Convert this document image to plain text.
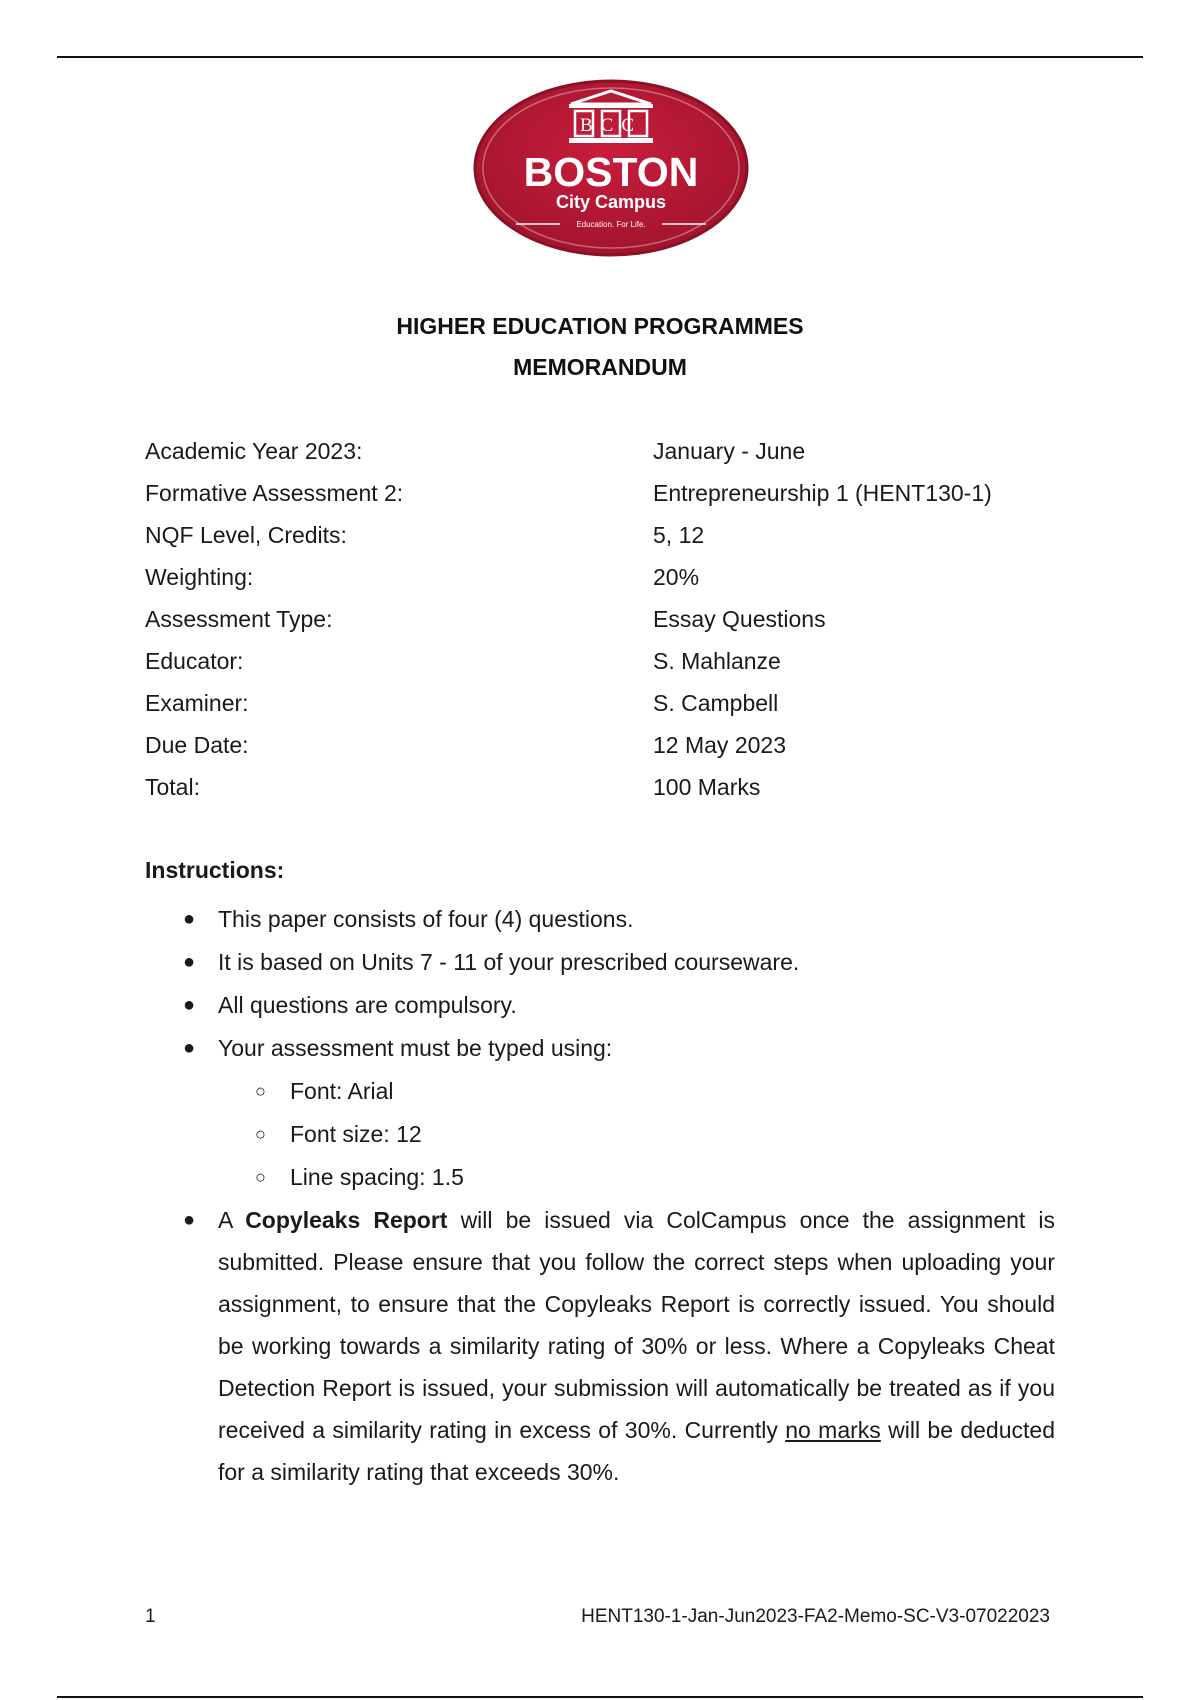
BCC
BOSTON
City Campus
Education. For Life.
HIGHER EDUCATION PROGRAMMES
MEMORANDUM
Academic Year 2023:	January - June
Formative Assessment 2:	Entrepreneurship 1 (HENT130-1)
NQF Level, Credits:	5, 12
Weighting:	20%
Assessment Type:	Essay Questions
Educator:	S. Mahlanze
Examiner:	S. Campbell
Due Date:	12 May 2023
Total:	100 Marks
Instructions:
● This paper consists of four (4) questions.
● It is based on Units 7 - 11 of your prescribed courseware.
● All questions are compulsory.
● Your assessment must be typed using:
○ Font: Arial
○ Font size: 12
○ Line spacing: 1.5
● A Copyleaks Report will be issued via ColCampus once the assignment is submitted. Please ensure that you follow the correct steps when uploading your assignment, to ensure that the Copyleaks Report is correctly issued. You should be working towards a similarity rating of 30% or less. Where a Copyleaks Cheat Detection Report is issued, your submission will automatically be treated as if you received a similarity rating in excess of 30%. Currently no marks will be deducted for a similarity rating that exceeds 30%.
1	HENT130-1-Jan-Jun2023-FA2-Memo-SC-V3-07022023
